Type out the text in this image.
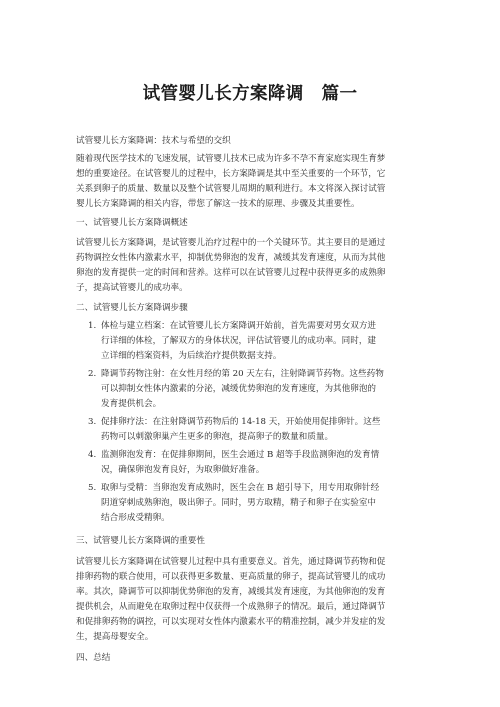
试管婴儿长方案降调　篇一
试管婴儿长方案降调：技术与希望的交织
随着现代医学技术的飞速发展，试管婴儿技术已成为许多不孕不育家庭实现生育梦
想的重要途径。在试管婴儿的过程中，长方案降调是其中至关重要的一个环节，它
关系到卵子的质量、数量以及整个试管婴儿周期的顺利进行。本文将深入探讨试管
婴儿长方案降调的相关内容，带您了解这一技术的原理、步骤及其重要性。
一、试管婴儿长方案降调概述
试管婴儿长方案降调，是试管婴儿治疗过程中的一个关键环节。其主要目的是通过
药物调控女性体内激素水平，抑制优势卵泡的发育，减缓其发育速度，从而为其他
卵泡的发育提供一定的时间和营养。这样可以在试管婴儿过程中获得更多的成熟卵
子，提高试管婴儿的成功率。
二、试管婴儿长方案降调步骤
1. 体检与建立档案：在试管婴儿长方案降调开始前，首先需要对男女双方进
行详细的体检，了解双方的身体状况，评估试管婴儿的成功率。同时，建
立详细的档案资料，为后续治疗提供数据支持。
2. 降调节药物注射：在女性月经的第 20 天左右，注射降调节药物。这些药物
可以抑制女性体内激素的分泌，减缓优势卵泡的发育速度，为其他卵泡的
发育提供机会。
3. 促排卵疗法：在注射降调节药物后的 14-18 天，开始使用促排卵针。这些
药物可以刺激卵巢产生更多的卵泡，提高卵子的数量和质量。
4. 监测卵泡发育：在促排卵期间，医生会通过 B 超等手段监测卵泡的发育情
况，确保卵泡发育良好，为取卵做好准备。
5. 取卵与受精：当卵泡发育成熟时，医生会在 B 超引导下，用专用取卵针经
阴道穿刺成熟卵泡，吸出卵子。同时，男方取精，精子和卵子在实验室中
结合形成受精卵。
三、试管婴儿长方案降调的重要性
试管婴儿长方案降调在试管婴儿过程中具有重要意义。首先，通过降调节药物和促
排卵药物的联合使用，可以获得更多数量、更高质量的卵子，提高试管婴儿的成功
率。其次，降调节可以抑制优势卵泡的发育，减缓其发育速度，为其他卵泡的发育
提供机会，从而避免在取卵过程中仅获得一个成熟卵子的情况。最后，通过降调节
和促排卵药物的调控，可以实现对女性体内激素水平的精准控制，减少并发症的发
生，提高母婴安全。
四、总结
